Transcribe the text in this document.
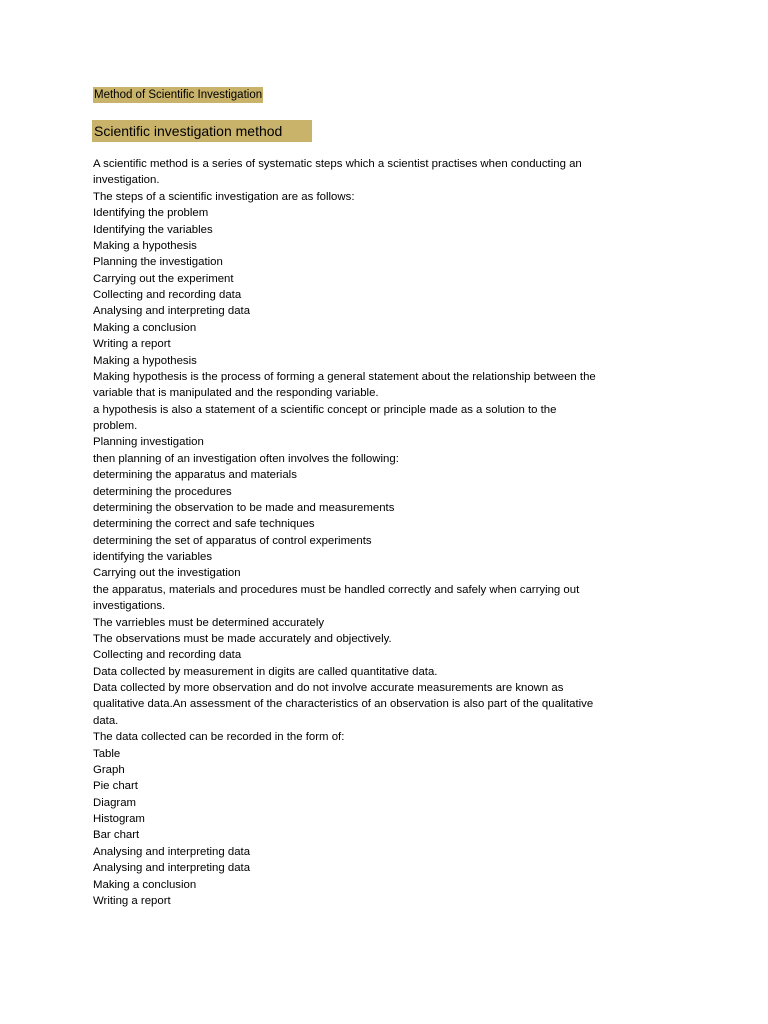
Method of Scientific Investigation
Scientific investigation method
A scientific method is a series of systematic steps which a scientist practises when conducting an
investigation.
The steps of a scientific investigation are as follows:
Identifying the problem
Identifying the variables
Making a hypothesis
Planning the investigation
Carrying out the experiment
Collecting and recording data
Analysing and interpreting data
Making a conclusion
Writing a report
Making a hypothesis
Making hypothesis is the process of forming a general statement about the relationship between the
variable that is manipulated and the responding variable.
a hypothesis is also a statement of a scientific concept or principle made as a solution to the
problem.
Planning investigation
then planning of an investigation often involves the following:
determining the apparatus and materials
determining the procedures
determining the observation to be made and measurements
determining the correct and safe techniques
determining the set of apparatus of control experiments
identifying the variables
Carrying out the investigation
the apparatus, materials and procedures must be handled correctly and safely when carrying out
investigations.
The varriebles must be determined accurately
The observations must be made accurately and objectively.
Collecting and recording data
Data collected by measurement in digits are called quantitative data.
Data collected by more observation and do not involve accurate measurements are known as
qualitative data.An assessment of the characteristics of an observation is also part of the qualitative
data.
The data collected can be recorded in the form of:
Table
Graph
Pie chart
Diagram
Histogram
Bar chart
Analysing and interpreting data
Analysing and interpreting data
Making a conclusion
Writing a report
